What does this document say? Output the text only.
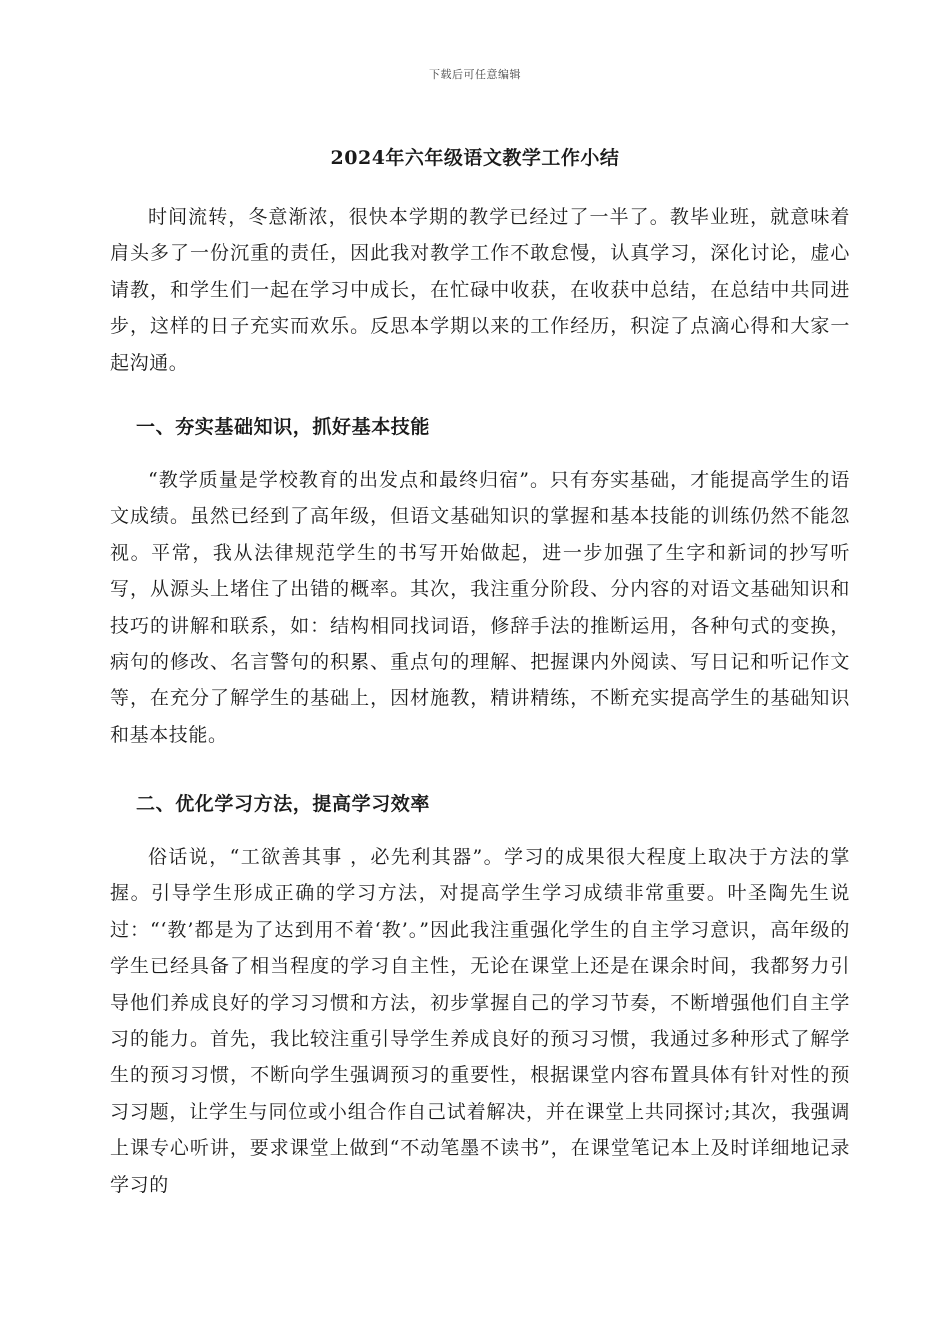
下载后可任意编辑
2024年六年级语文教学工作小结

时间流转，冬意渐浓，很快本学期的教学已经过了一半了。教毕业班，就意味着肩头多了一份沉重的责任，因此我对教学工作不敢怠慢，认真学习，深化讨论，虚心请教，和学生们一起在学习中成长，在忙碌中收获，在收获中总结，在总结中共同进步，这样的日子充实而欢乐。反思本学期以来的工作经历，积淀了点滴心得和大家一起沟通。

一、夯实基础知识，抓好基本技能

“教学质量是学校教育的出发点和最终归宿”。只有夯实基础，才能提高学生的语文成绩。虽然已经到了高年级，但语文基础知识的掌握和基本技能的训练仍然不能忽视。平常，我从法律规范学生的书写开始做起，进一步加强了生字和新词的抄写听写，从源头上堵住了出错的概率。其次，我注重分阶段、分内容的对语文基础知识和技巧的讲解和联系，如：结构相同找词语，修辞手法的推断运用，各种句式的变换，病句的修改、名言警句的积累、重点句的理解、把握课内外阅读、写日记和听记作文等，在充分了解学生的基础上，因材施教，精讲精练，不断充实提高学生的基础知识和基本技能。

二、优化学习方法，提高学习效率

俗话说，“工欲善其事 ，必先利其器”。学习的成果很大程度上取决于方法的掌握。引导学生形成正确的学习方法，对提高学生学习成绩非常重要。叶圣陶先生说过：“‘教’都是为了达到用不着‘教’。”因此我注重强化学生的自主学习意识，高年级的学生已经具备了相当程度的学习自主性，无论在课堂上还是在课余时间，我都努力引导他们养成良好的学习习惯和方法，初步掌握自己的学习节奏，不断增强他们自主学习的能力。首先，我比较注重引导学生养成良好的预习习惯，我通过多种形式了解学生的预习习惯，不断向学生强调预习的重要性，根据课堂内容布置具体有针对性的预习习题，让学生与同位或小组合作自己试着解决，并在课堂上共同探讨;其次，我强调上课专心听讲，要求课堂上做到“不动笔墨不读书”，在课堂笔记本上及时详细地记录学习的
